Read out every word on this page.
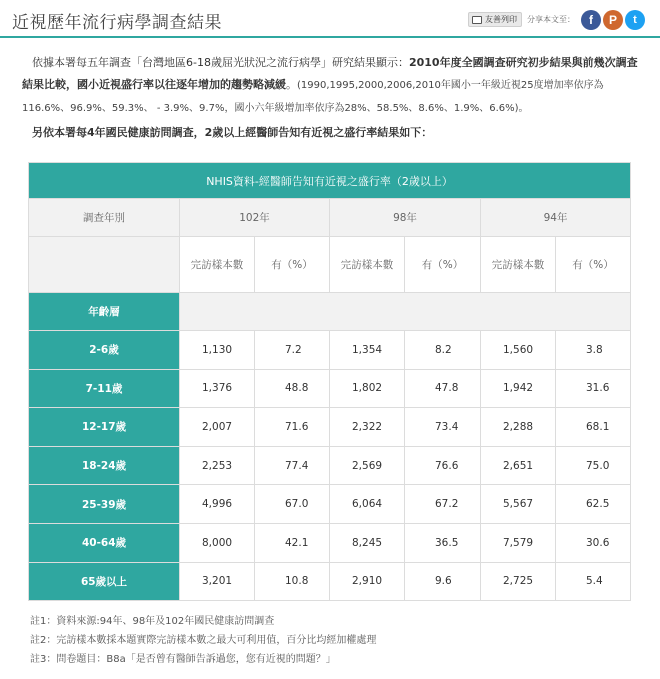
近視歷年流行病學調查結果	友善列印	分享本文至：	f	P	t

依據本署每五年調查「台灣地區6-18歲屈光狀況之流行病學」研究結果顯示：2010年度全國調查研究初步結果與前幾次調查結果比較，國小近視盛行率以往逐年增加的趨勢略減緩。(1990,1995,2000,2006,2010年國小一年級近視25度增加率依序為116.6%、96.9%、59.3%、 - 3.9%、9.7%，國小六年級增加率依序為28%、58.5%、8.6%、1.9%、6.6%)。

另依本署每4年國民健康訪問調查，2歲以上經醫師告知有近視之盛行率結果如下：

NHIS資料-經醫師告知有近視之盛行率（2歲以上）						
調查年別	102年		98年		94年	
	完訪樣本數	有（%）	完訪樣本數	有（%）	完訪樣本數	有（%）
年齡層						
2-6歲	1,130	7.2	1,354	8.2	1,560	3.8
7-11歲	1,376	48.8	1,802	47.8	1,942	31.6
12-17歲	2,007	71.6	2,322	73.4	2,288	68.1
18-24歲	2,253	77.4	2,569	76.6	2,651	75.0
25-39歲	4,996	67.0	6,064	67.2	5,567	62.5
40-64歲	8,000	42.1	8,245	36.5	7,579	30.6
65歲以上	3,201	10.8	2,910	9.6	2,725	5.4
註1：資料來源:94年、98年及102年國民健康訪問調查
註2：完訪樣本數採本題實際完訪樣本數之最大可利用值，百分比均經加權處理
註3：問卷題目：B8a「是否曾有醫師告訴過您，您有近視的問題？」
